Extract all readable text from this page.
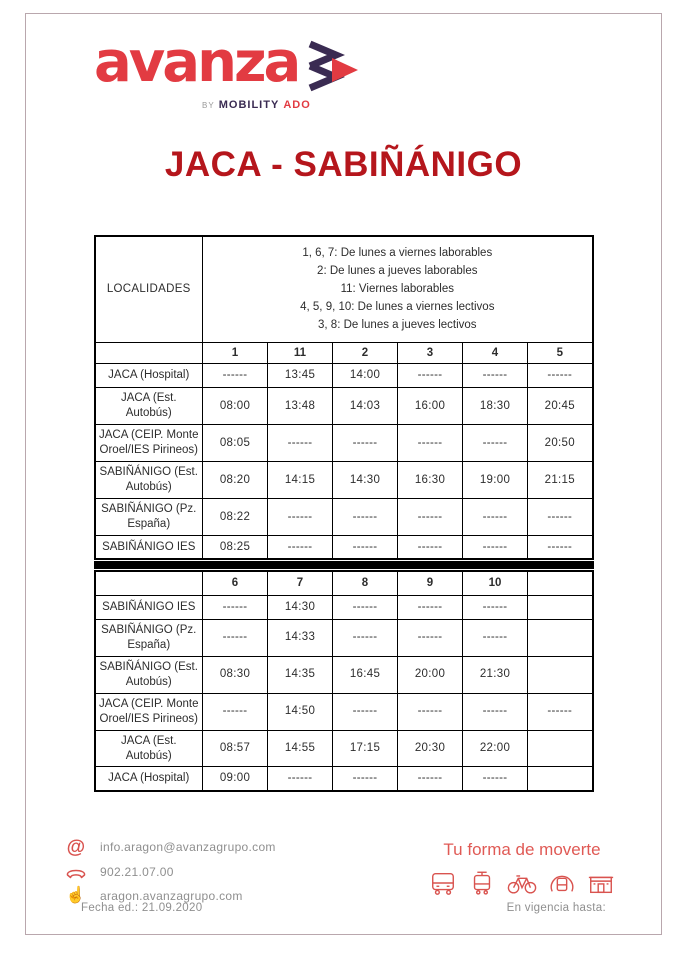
avanza
BY MOBILITY ADO
JACA - SABIÑÁNIGO
LOCALIDADES	1, 6, 7: De lunes a viernes laborables
2: De lunes a jueves laborables
11: Viernes laborables
4, 5, 9, 10: De lunes a viernes lectivos
3, 8: De lunes a jueves lectivos					

	1	11	2	3	4	5
JACA (Hospital)	------	13:45	14:00	------	------	------
JACA (Est. Autobús)	08:00	13:48	14:03	16:00	18:30	20:45
JACA (CEIP. Monte Oroel/IES Pirineos)	08:05	------	------	------	------	20:50
SABIÑÁNIGO (Est. Autobús)	08:20	14:15	14:30	16:30	19:00	21:15
SABIÑÁNIGO (Pz. España)	08:22	------	------	------	------	------
SABIÑÁNIGO IES	08:25	------	------	------	------	------
	6	7	8	9	10	
SABIÑÁNIGO IES	------	14:30	------	------	------	
SABIÑÁNIGO (Pz. España)	------	14:33	------	------	------	
SABIÑÁNIGO (Est. Autobús)	08:30	14:35	16:45	20:00	21:30	
JACA (CEIP. Monte Oroel/IES Pirineos)	------	14:50	------	------	------	------
JACA (Est. Autobús)	08:57	14:55	17:15	20:30	22:00	
JACA (Hospital)	09:00	------	------	------	------	
@ info.aragon@avanzagrupo.com
902.21.07.00
☝ aragon.avanzagrupo.com
Tu forma de moverte
Fecha ed.: 21.09.2020	En vigencia hasta:
